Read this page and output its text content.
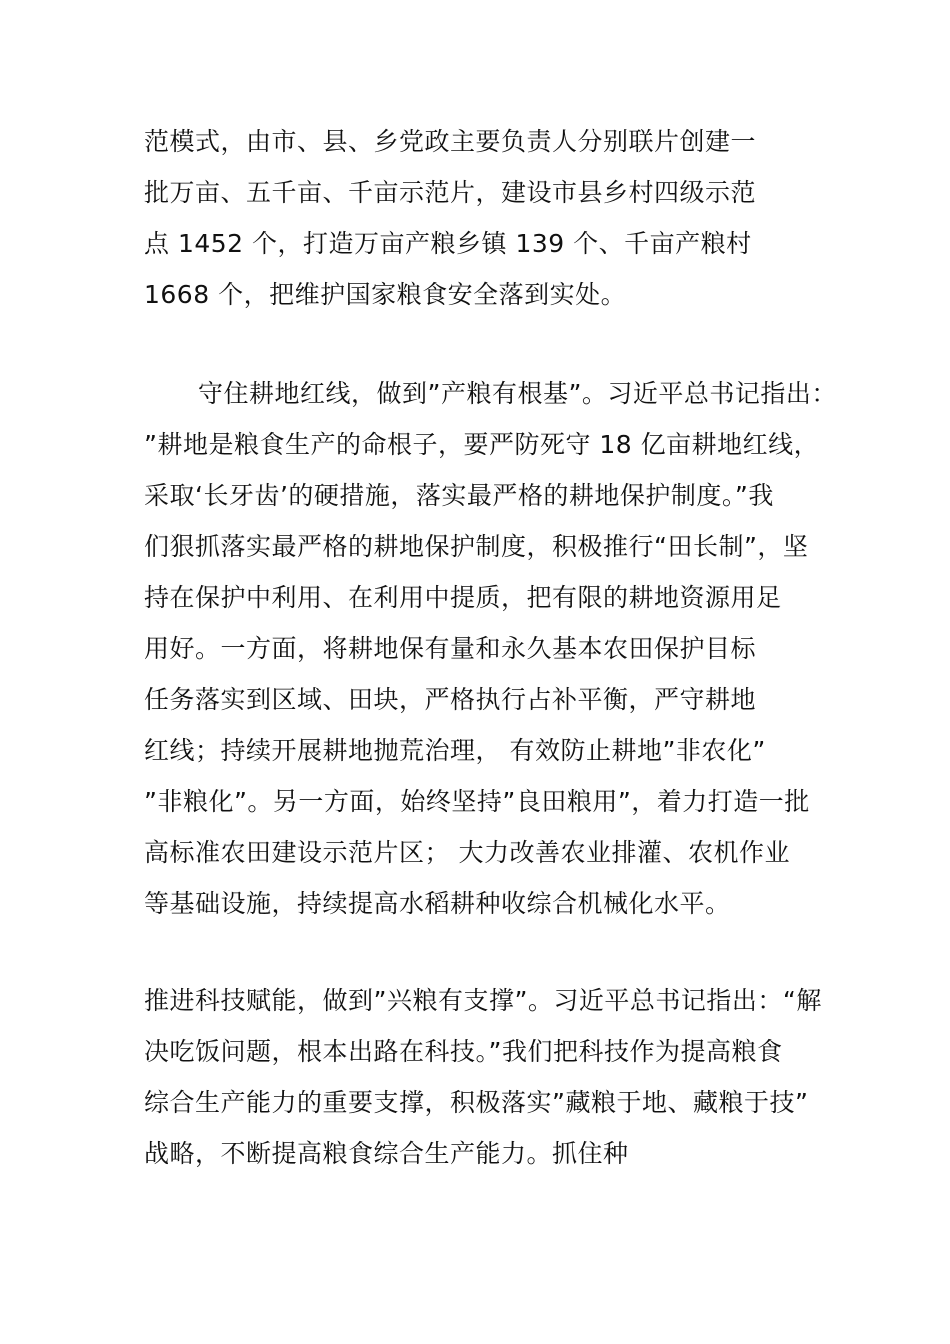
范模式，由市、县、乡党政主要负责人分别联片创建一
批万亩、五千亩、千亩示范片，建设市县乡村四级示范
点 1452 个，打造万亩产粮乡镇 139 个、千亩产粮村
1668 个，把维护国家粮食安全落到实处。
守住耕地红线，做到”产粮有根基”。习近平总书记指出：
”耕地是粮食生产的命根子，要严防死守 18 亿亩耕地红线，
采取‘长牙齿’的硬措施，落实最严格的耕地保护制度。”我
们狠抓落实最严格的耕地保护制度，积极推行“田长制”，坚
持在保护中利用、在利用中提质，把有限的耕地资源用足
用好。一方面，将耕地保有量和永久基本农田保护目标
任务落实到区域、田块，严格执行占补平衡，严守耕地
红线；持续开展耕地抛荒治理， 有效防止耕地”非农化”
”非粮化”。另一方面，始终坚持”良田粮用”，着力打造一批
高标准农田建设示范片区； 大力改善农业排灌、农机作业
等基础设施，持续提高水稻耕种收综合机械化水平。
推进科技赋能，做到”兴粮有支撑”。习近平总书记指出：“解
决吃饭问题，根本出路在科技。”我们把科技作为提高粮食
综合生产能力的重要支撑，积极落实”藏粮于地、藏粮于技”
战略，不断提高粮食综合生产能力。抓住种
